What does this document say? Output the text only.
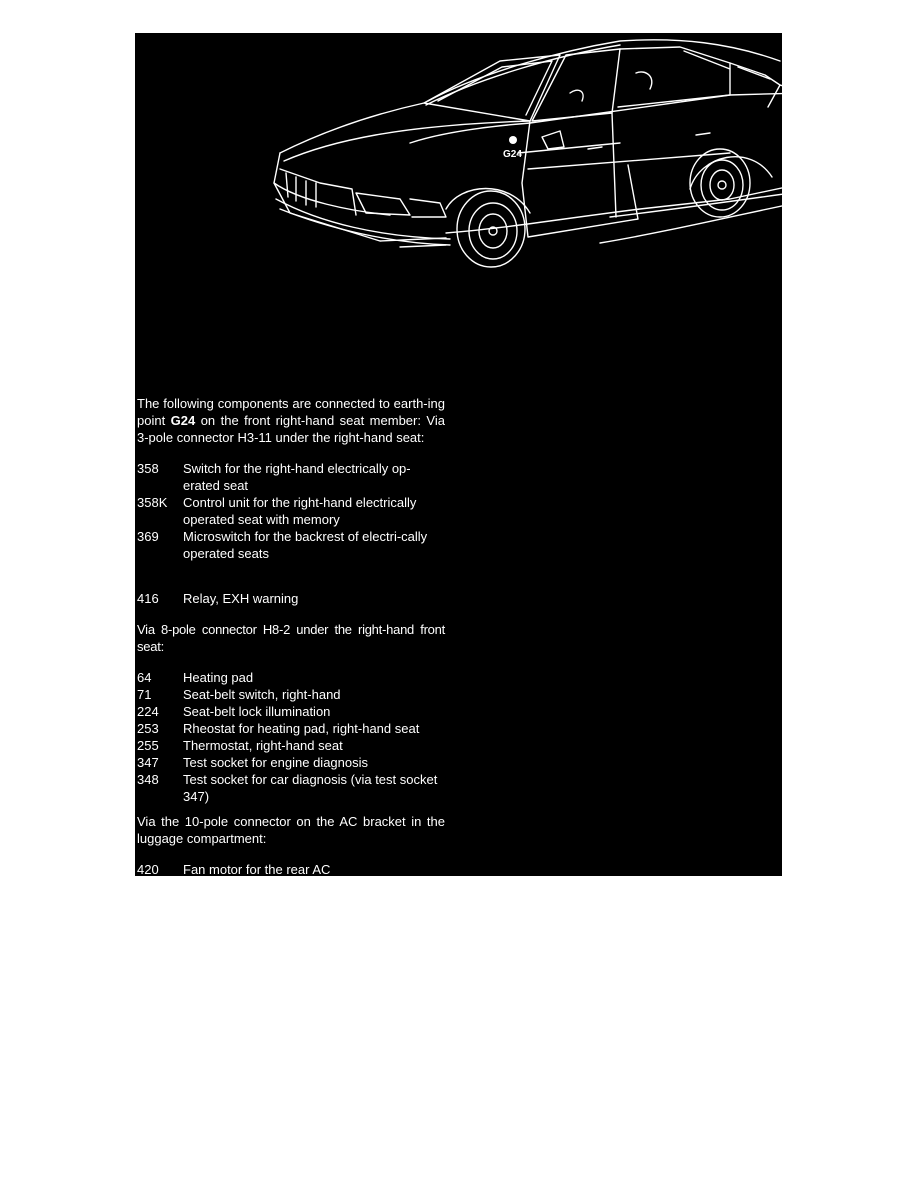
G24

The following components are connected to earth-ing point G24 on the front right-hand seat member: Via 3-pole connector H3-11 under the right-hand seat:

358	Switch for the right-hand electrically op-erated seat
358K	Control unit for the right-hand electrically operated seat with memory
369	Microswitch for the backrest of electri-cally operated seats
416	Relay, EXH warning

Via 8-pole connector H8-2 under the right-hand front seat:

64	Heating pad
71	Seat-belt switch, right-hand
224	Seat-belt lock illumination
253	Rheostat for heating pad, right-hand seat
255	Thermostat, right-hand seat
347	Test socket for engine diagnosis
348	Test socket for car diagnosis (via test socket 347)

Via the 10-pole connector on the AC bracket in the luggage compartment:

420	Fan motor for the rear AC
